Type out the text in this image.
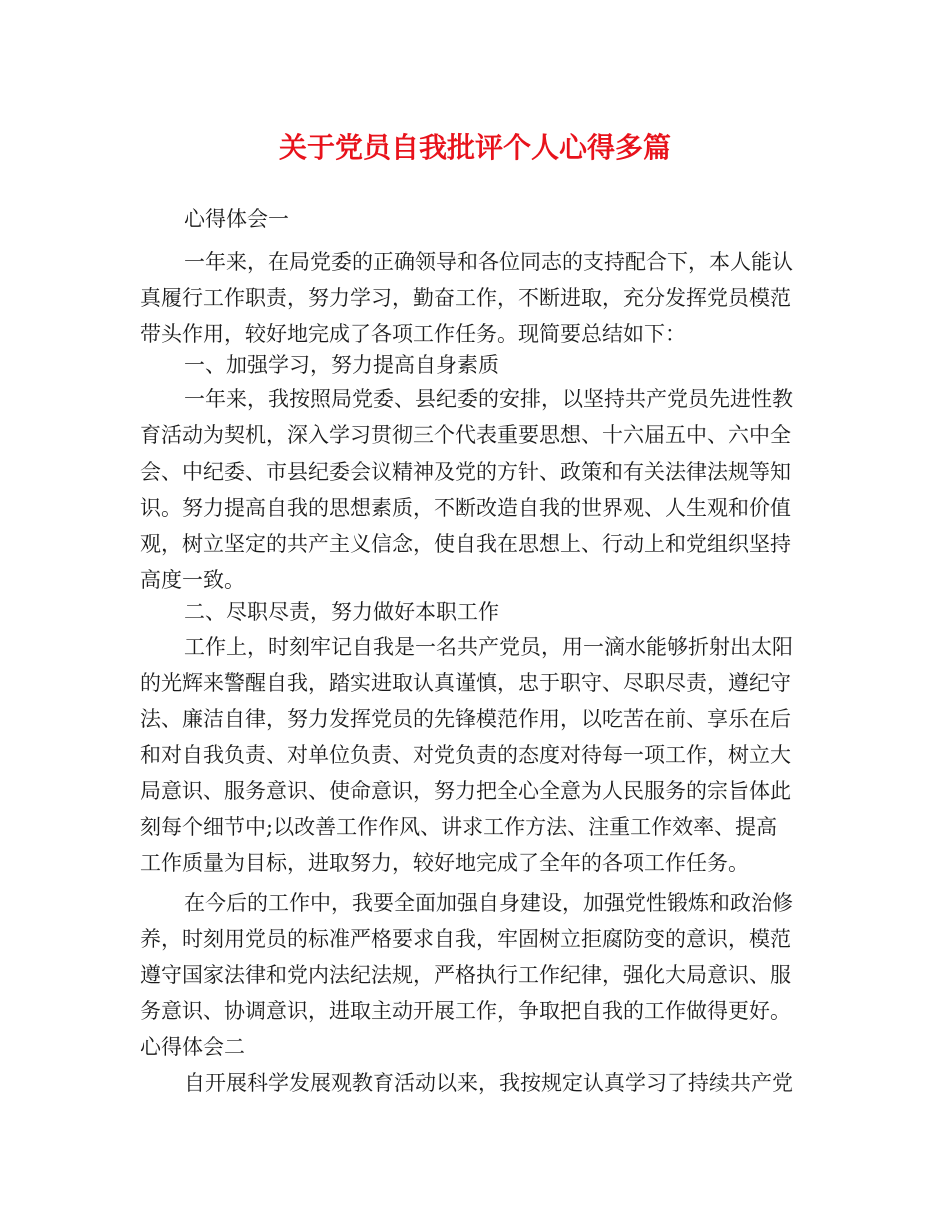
关于党员自我批评个人心得多篇
心得体会一
一年来，在局党委的正确领导和各位同志的支持配合下，本人能认
真履行工作职责，努力学习，勤奋工作，不断进取，充分发挥党员模范
带头作用，较好地完成了各项工作任务。现简要总结如下：
一、加强学习，努力提高自身素质
一年来，我按照局党委、县纪委的安排，以坚持共产党员先进性教
育活动为契机，深入学习贯彻三个代表重要思想、十六届五中、六中全
会、中纪委、市县纪委会议精神及党的方针、政策和有关法律法规等知
识。努力提高自我的思想素质，不断改造自我的世界观、人生观和价值
观，树立坚定的共产主义信念，使自我在思想上、行动上和党组织坚持
高度一致。
二、尽职尽责，努力做好本职工作
工作上，时刻牢记自我是一名共产党员，用一滴水能够折射出太阳
的光辉来警醒自我，踏实进取认真谨慎，忠于职守、尽职尽责，遵纪守
法、廉洁自律，努力发挥党员的先锋模范作用，以吃苦在前、享乐在后
和对自我负责、对单位负责、对党负责的态度对待每一项工作，树立大
局意识、服务意识、使命意识，努力把全心全意为人民服务的宗旨体此
刻每个细节中;以改善工作作风、讲求工作方法、注重工作效率、提高
工作质量为目标，进取努力，较好地完成了全年的各项工作任务。
在今后的工作中，我要全面加强自身建设，加强党性锻炼和政治修
养，时刻用党员的标准严格要求自我，牢固树立拒腐防变的意识，模范
遵守国家法律和党内法纪法规，严格执行工作纪律，强化大局意识、服
务意识、协调意识，进取主动开展工作，争取把自我的工作做得更好。
心得体会二
自开展科学发展观教育活动以来，我按规定认真学习了持续共产党
